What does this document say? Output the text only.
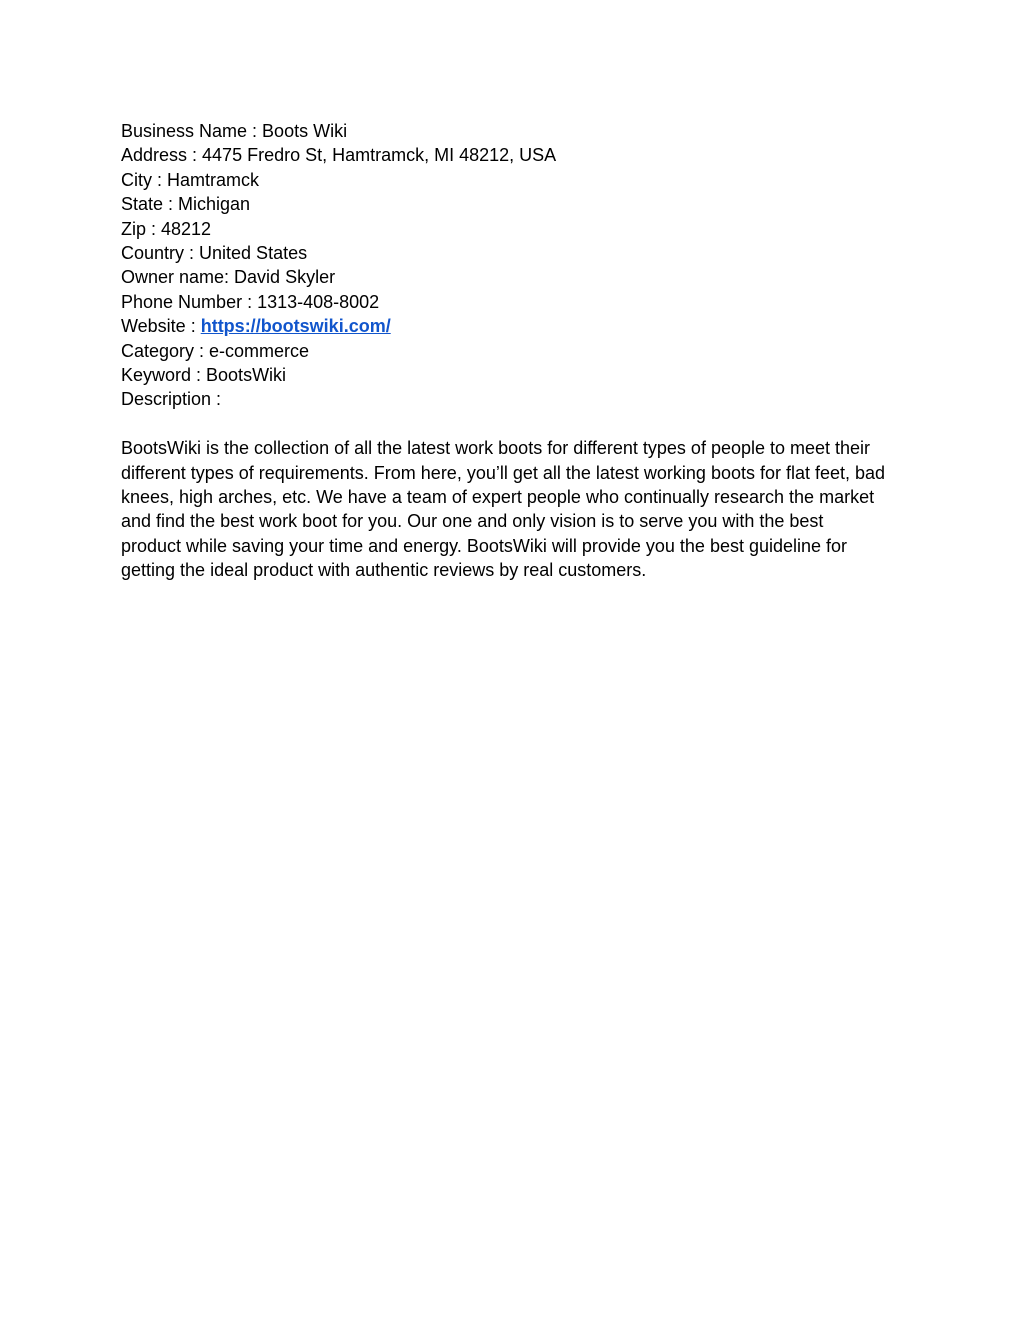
Business Name : Boots Wiki
Address : 4475 Fredro St, Hamtramck, MI 48212, USA
City : Hamtramck
State : Michigan
Zip : 48212
Country : United States
Owner name: David Skyler
Phone Number : 1313-408-8002
Website : https://bootswiki.com/
Category : e-commerce
Keyword : BootsWiki
Description :
BootsWiki is the collection of all the latest work boots for different types of people to meet their
different types of requirements. From here, you’ll get all the latest working boots for flat feet, bad
knees, high arches, etc. We have a team of expert people who continually research the market
and find the best work boot for you. Our one and only vision is to serve you with the best
product while saving your time and energy. BootsWiki will provide you the best guideline for
getting the ideal product with authentic reviews by real customers.
